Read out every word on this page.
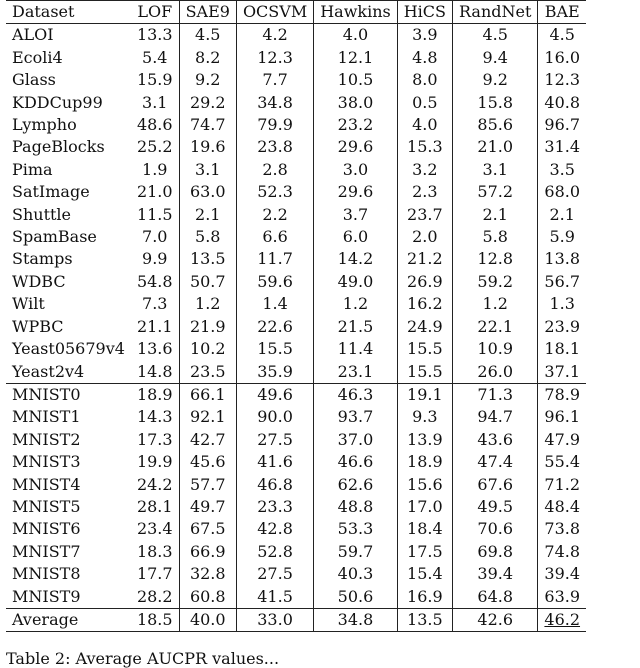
Dataset	LOF	SAE9	OCSVM	Hawkins	HiCS	RandNet	BAE
ALOI	13.3	4.5	4.2	4.0	3.9	4.5	4.5
Ecoli4	5.4	8.2	12.3	12.1	4.8	9.4	16.0
Glass	15.9	9.2	7.7	10.5	8.0	9.2	12.3
KDDCup99	3.1	29.2	34.8	38.0	0.5	15.8	40.8
Lympho	48.6	74.7	79.9	23.2	4.0	85.6	96.7
PageBlocks	25.2	19.6	23.8	29.6	15.3	21.0	31.4
Pima	1.9	3.1	2.8	3.0	3.2	3.1	3.5
SatImage	21.0	63.0	52.3	29.6	2.3	57.2	68.0
Shuttle	11.5	2.1	2.2	3.7	23.7	2.1	2.1
SpamBase	7.0	5.8	6.6	6.0	2.0	5.8	5.9
Stamps	9.9	13.5	11.7	14.2	21.2	12.8	13.8
WDBC	54.8	50.7	59.6	49.0	26.9	59.2	56.7
Wilt	7.3	1.2	1.4	1.2	16.2	1.2	1.3
WPBC	21.1	21.9	22.6	21.5	24.9	22.1	23.9
Yeast05679v4	13.6	10.2	15.5	11.4	15.5	10.9	18.1
Yeast2v4	14.8	23.5	35.9	23.1	15.5	26.0	37.1
MNIST0	18.9	66.1	49.6	46.3	19.1	71.3	78.9
MNIST1	14.3	92.1	90.0	93.7	9.3	94.7	96.1
MNIST2	17.3	42.7	27.5	37.0	13.9	43.6	47.9
MNIST3	19.9	45.6	41.6	46.6	18.9	47.4	55.4
MNIST4	24.2	57.7	46.8	62.6	15.6	67.6	71.2
MNIST5	28.1	49.7	23.3	48.8	17.0	49.5	48.4
MNIST6	23.4	67.5	42.8	53.3	18.4	70.6	73.8
MNIST7	18.3	66.9	52.8	59.7	17.5	69.8	74.8
MNIST8	17.7	32.8	27.5	40.3	15.4	39.4	39.4
MNIST9	28.2	60.8	41.5	50.6	16.9	64.8	63.9
Average	18.5	40.0	33.0	34.8	13.5	42.6	46.2
Table 2: Average AUCPR values...
